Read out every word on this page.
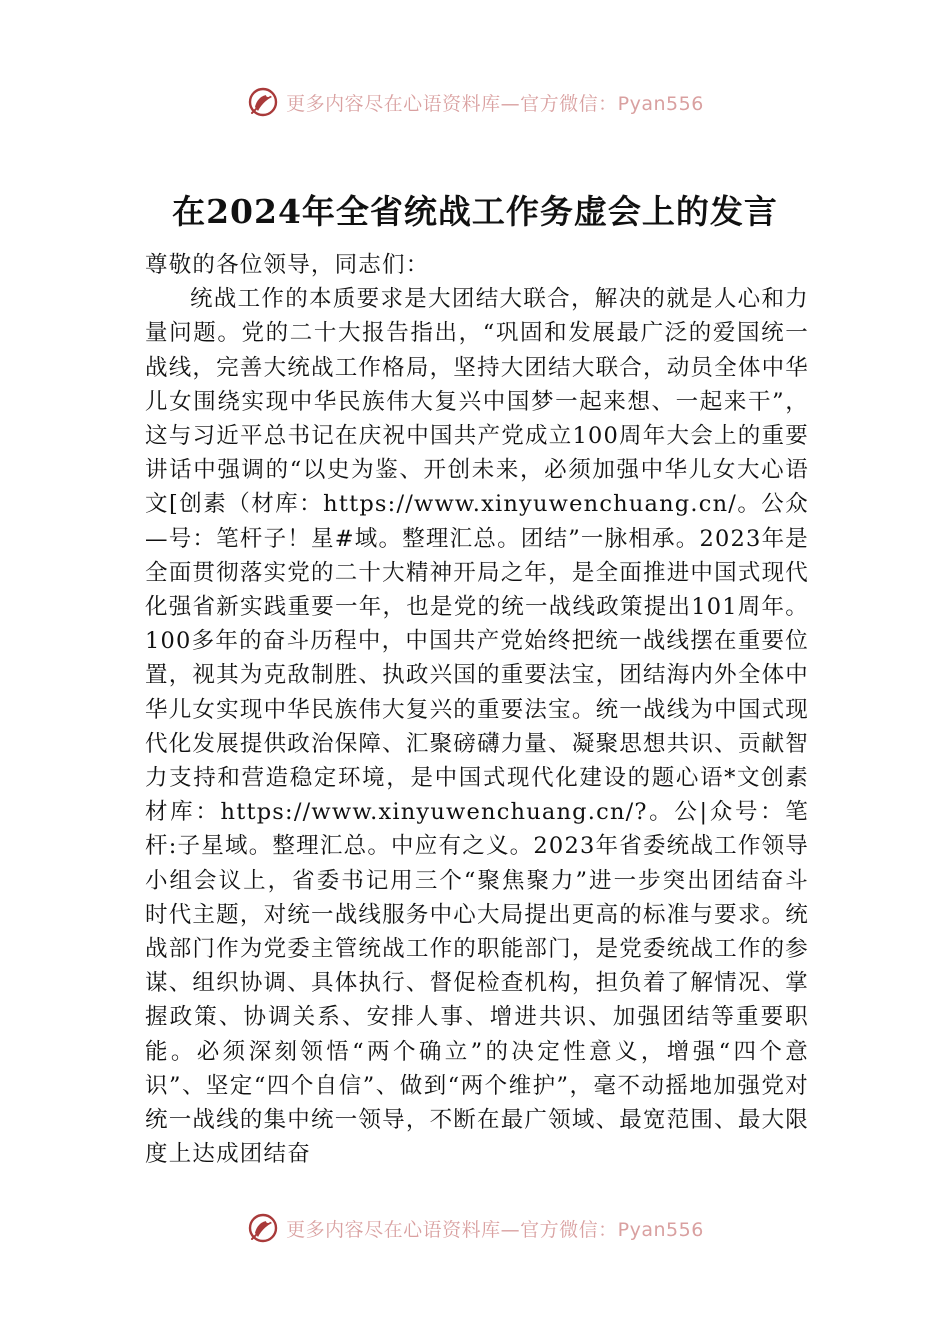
更多内容尽在心语资料库—官方微信：Pyan556
在2024年全省统战工作务虚会上的发言

尊敬的各位领导，同志们：

统战工作的本质要求是大团结大联合，解决的就是人心和力量问题。党的二十大报告指出，“巩固和发展最广泛的爱国统一战线，完善大统战工作格局，坚持大团结大联合，动员全体中华儿女围绕实现中华民族伟大复兴中国梦一起来想、一起来干”，这与习近平总书记在庆祝中国共产党成立100周年大会上的重要讲话中强调的“以史为鉴、开创未来，必须加强中华儿女大心语文[创素（材库：https://www.xinyuwenchuang.cn/。公众—号：笔杆子！星#域。整理汇总。团结”一脉相承。2023年是全面贯彻落实党的二十大精神开局之年，是全面推进中国式现代化强省新实践重要一年，也是党的统一战线政策提出101周年。100多年的奋斗历程中，中国共产党始终把统一战线摆在重要位置，视其为克敌制胜、执政兴国的重要法宝，团结海内外全体中华儿女实现中华民族伟大复兴的重要法宝。统一战线为中国式现代化发展提供政治保障、汇聚磅礴力量、凝聚思想共识、贡献智力支持和营造稳定环境，是中国式现代化建设的题心语*文创素材库：https://www.xinyuwenchuang.cn/?。公|众号：笔杆:子星域。整理汇总。中应有之义。2023年省委统战工作领导小组会议上，省委书记用三个“聚焦聚力”进一步突出团结奋斗时代主题，对统一战线服务中心大局提出更高的标准与要求。统战部门作为党委主管统战工作的职能部门，是党委统战工作的参谋、组织协调、具体执行、督促检查机构，担负着了解情况、掌握政策、协调关系、安排人事、增进共识、加强团结等重要职能。必须深刻领悟“两个确立”的决定性意义，增强“四个意识”、坚定“四个自信”、做到“两个维护”，毫不动摇地加强党对统一战线的集中统一领导，不断在最广领域、最宽范围、最大限度上达成团结奋

更多内容尽在心语资料库—官方微信：Pyan556
